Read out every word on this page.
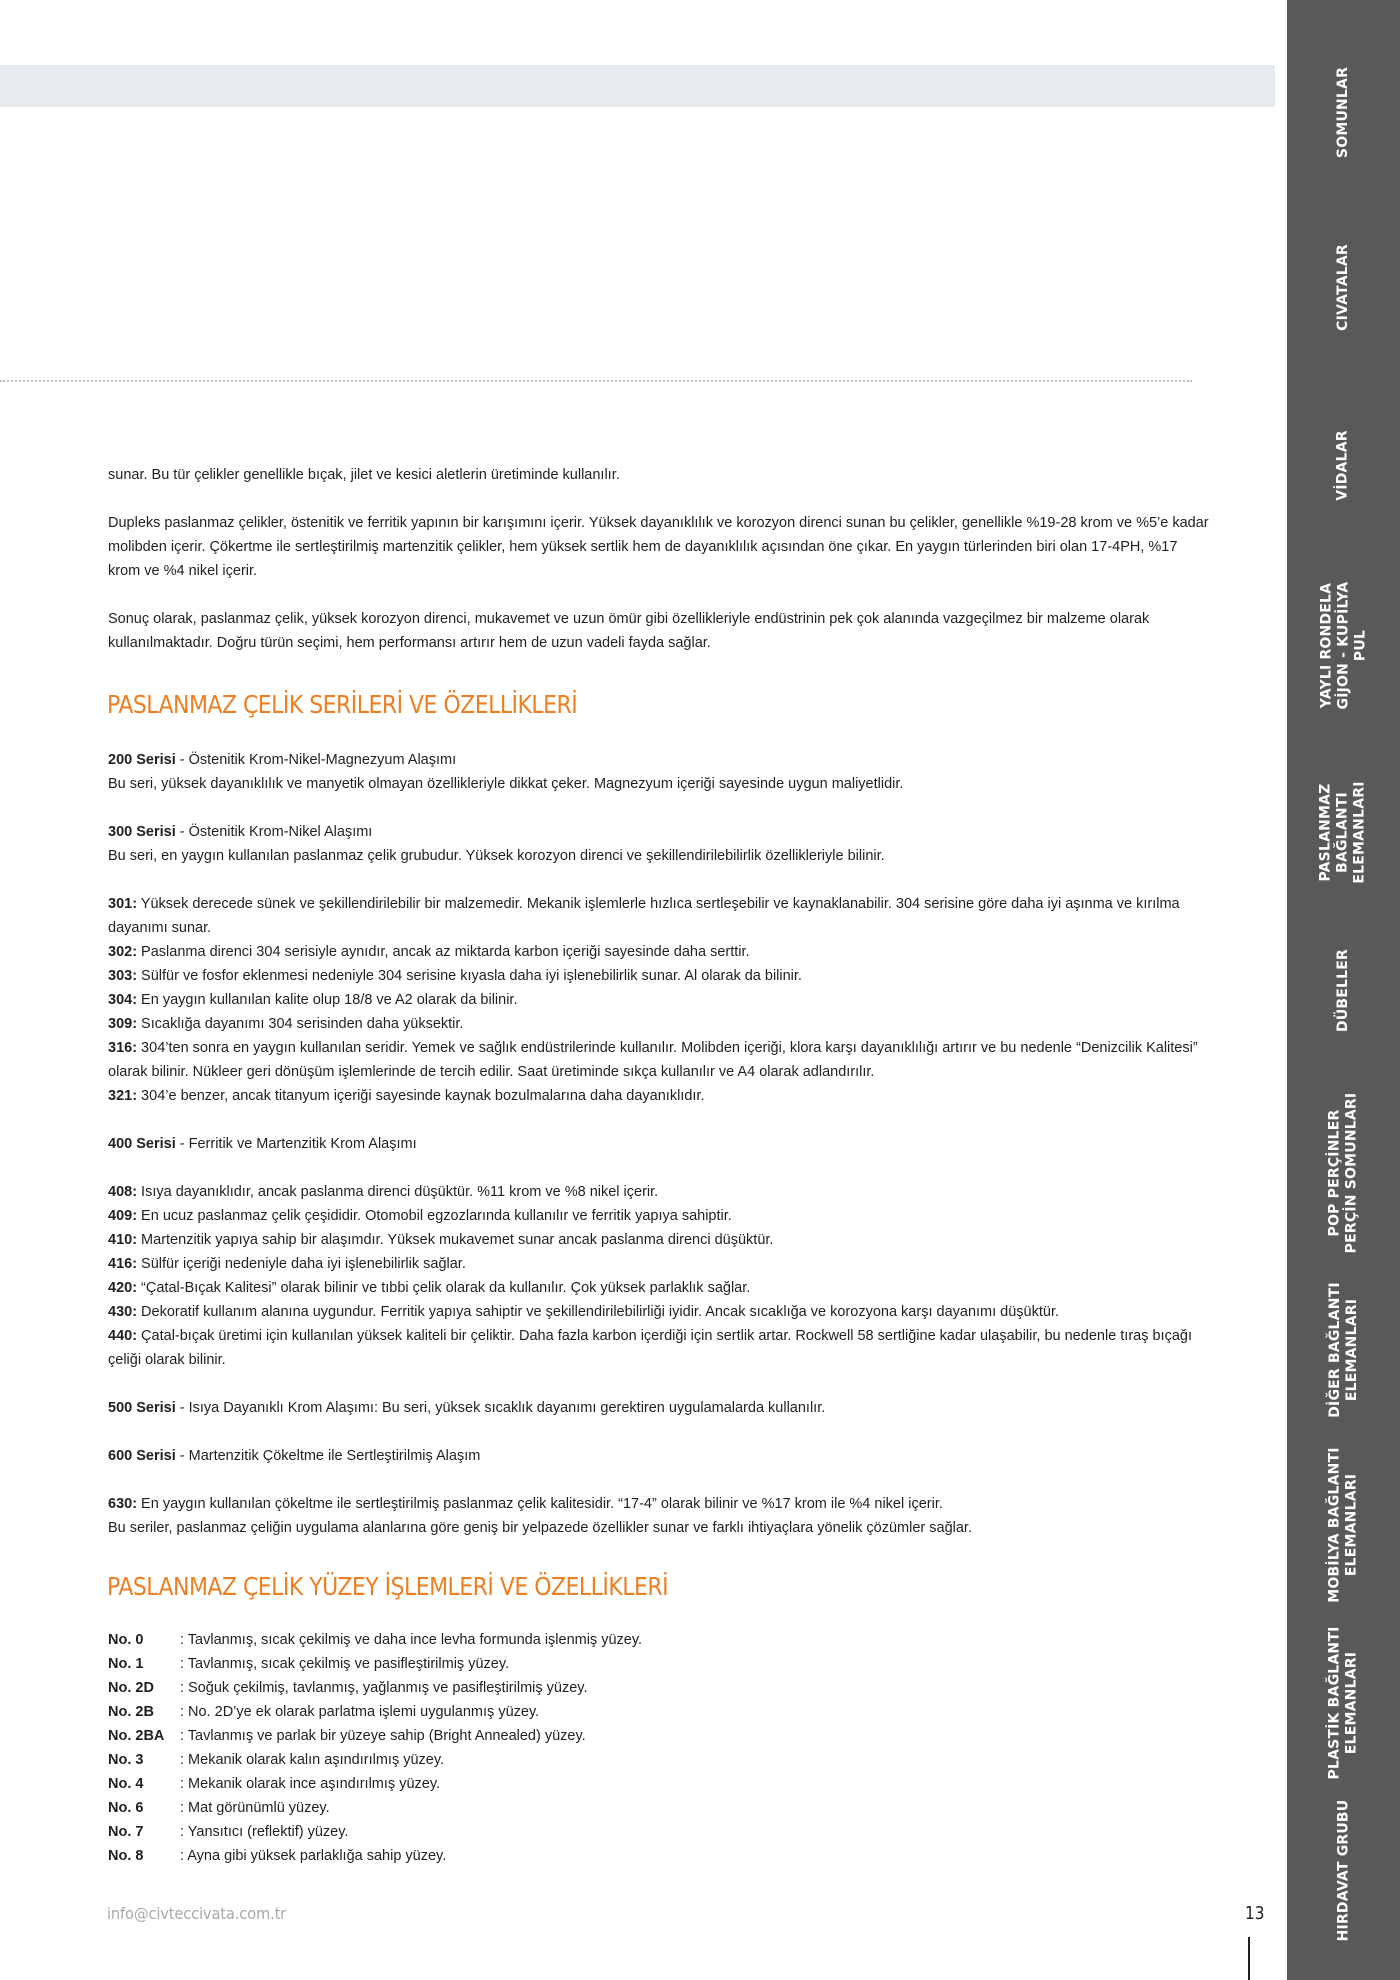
SOMUNLAR
CIVATALAR
VİDALAR
YAYLI RONDELA
GİJON - KUPİLYA
PUL
PASLANMAZ
BAĞLANTI
ELEMANLARI
DÜBELLER
POP PERÇİNLER
PERÇİN SOMUNLARI
DİĞER BAĞLANTI
ELEMANLARI
MOBİLYA BAĞLANTI
ELEMANLARI
PLASTİK BAĞLANTI
ELEMANLARI
HIRDAVAT GRUBU

sunar. Bu tür çelikler genellikle bıçak, jilet ve kesici aletlerin üretiminde kullanılır.

Dupleks paslanmaz çelikler, östenitik ve ferritik yapının bir karışımını içerir. Yüksek dayanıklılık ve korozyon direnci sunan bu çelikler, genellikle %19-28 krom ve %5’e kadar molibden içerir. Çökertme ile sertleştirilmiş martenzitik çelikler, hem yüksek sertlik hem de dayanıklılık açısından öne çıkar. En yaygın türlerinden biri olan 17-4PH, %17 krom ve %4 nikel içerir.

Sonuç olarak, paslanmaz çelik, yüksek korozyon direnci, mukavemet ve uzun ömür gibi özellikleriyle endüstrinin pek çok alanında vazgeçilmez bir malzeme olarak kullanılmaktadır. Doğru türün seçimi, hem performansı artırır hem de uzun vadeli fayda sağlar.

PASLANMAZ ÇELİK SERİLERİ VE ÖZELLİKLERİ

200 Serisi - Östenitik Krom-Nikel-Magnezyum Alaşımı

Bu seri, yüksek dayanıklılık ve manyetik olmayan özellikleriyle dikkat çeker. Magnezyum içeriği sayesinde uygun maliyetlidir.

300 Serisi - Östenitik Krom-Nikel Alaşımı

Bu seri, en yaygın kullanılan paslanmaz çelik grubudur. Yüksek korozyon direnci ve şekillendirilebilirlik özellikleriyle bilinir.

301: Yüksek derecede sünek ve şekillendirilebilir bir malzemedir. Mekanik işlemlerle hızlıca sertleşebilir ve kaynaklanabilir. 304 serisine göre daha iyi aşınma ve kırılma dayanımı sunar.

302: Paslanma direnci 304 serisiyle aynıdır, ancak az miktarda karbon içeriği sayesinde daha serttir.

303: Sülfür ve fosfor eklenmesi nedeniyle 304 serisine kıyasla daha iyi işlenebilirlik sunar. Al olarak da bilinir.

304: En yaygın kullanılan kalite olup 18/8 ve A2 olarak da bilinir.

309: Sıcaklığa dayanımı 304 serisinden daha yüksektir.

316: 304’ten sonra en yaygın kullanılan seridir. Yemek ve sağlık endüstrilerinde kullanılır. Molibden içeriği, klora karşı dayanıklılığı artırır ve bu nedenle “Denizcilik Kalitesi” olarak bilinir. Nükleer geri dönüşüm işlemlerinde de tercih edilir. Saat üretiminde sıkça kullanılır ve A4 olarak adlandırılır.

321: 304’e benzer, ancak titanyum içeriği sayesinde kaynak bozulmalarına daha dayanıklıdır.

400 Serisi - Ferritik ve Martenzitik Krom Alaşımı

408: Isıya dayanıklıdır, ancak paslanma direnci düşüktür. %11 krom ve %8 nikel içerir.

409: En ucuz paslanmaz çelik çeşididir. Otomobil egzozlarında kullanılır ve ferritik yapıya sahiptir.

410: Martenzitik yapıya sahip bir alaşımdır. Yüksek mukavemet sunar ancak paslanma direnci düşüktür.

416: Sülfür içeriği nedeniyle daha iyi işlenebilirlik sağlar.

420: “Çatal-Bıçak Kalitesi” olarak bilinir ve tıbbi çelik olarak da kullanılır. Çok yüksek parlaklık sağlar.

430: Dekoratif kullanım alanına uygundur. Ferritik yapıya sahiptir ve şekillendirilebilirliği iyidir. Ancak sıcaklığa ve korozyona karşı dayanımı düşüktür.

440: Çatal-bıçak üretimi için kullanılan yüksek kaliteli bir çeliktir. Daha fazla karbon içerdiği için sertlik artar. Rockwell 58 sertliğine kadar ulaşabilir, bu nedenle tıraş bıçağı çeliği olarak bilinir.

500 Serisi - Isıya Dayanıklı Krom Alaşımı: Bu seri, yüksek sıcaklık dayanımı gerektiren uygulamalarda kullanılır.

600 Serisi - Martenzitik Çökeltme ile Sertleştirilmiş Alaşım

630: En yaygın kullanılan çökeltme ile sertleştirilmiş paslanmaz çelik kalitesidir. “17-4” olarak bilinir ve %17 krom ile %4 nikel içerir.

Bu seriler, paslanmaz çeliğin uygulama alanlarına göre geniş bir yelpazede özellikler sunar ve farklı ihtiyaçlara yönelik çözümler sağlar.

PASLANMAZ ÇELİK YÜZEY İŞLEMLERİ VE ÖZELLİKLERİ
No. 0	: Tavlanmış, sıcak çekilmiş ve daha ince levha formunda işlenmiş yüzey.
No. 1	: Tavlanmış, sıcak çekilmiş ve pasifleştirilmiş yüzey.
No. 2D	: Soğuk çekilmiş, tavlanmış, yağlanmış ve pasifleştirilmiş yüzey.
No. 2B	: No. 2D’ye ek olarak parlatma işlemi uygulanmış yüzey.
No. 2BA	: Tavlanmış ve parlak bir yüzeye sahip (Bright Annealed) yüzey.
No. 3	: Mekanik olarak kalın aşındırılmış yüzey.
No. 4	: Mekanik olarak ince aşındırılmış yüzey.
No. 6	: Mat görünümlü yüzey.
No. 7	: Yansıtıcı (reflektif) yüzey.
No. 8	: Ayna gibi yüksek parlaklığa sahip yüzey.
info@civteccivata.com.tr	13
